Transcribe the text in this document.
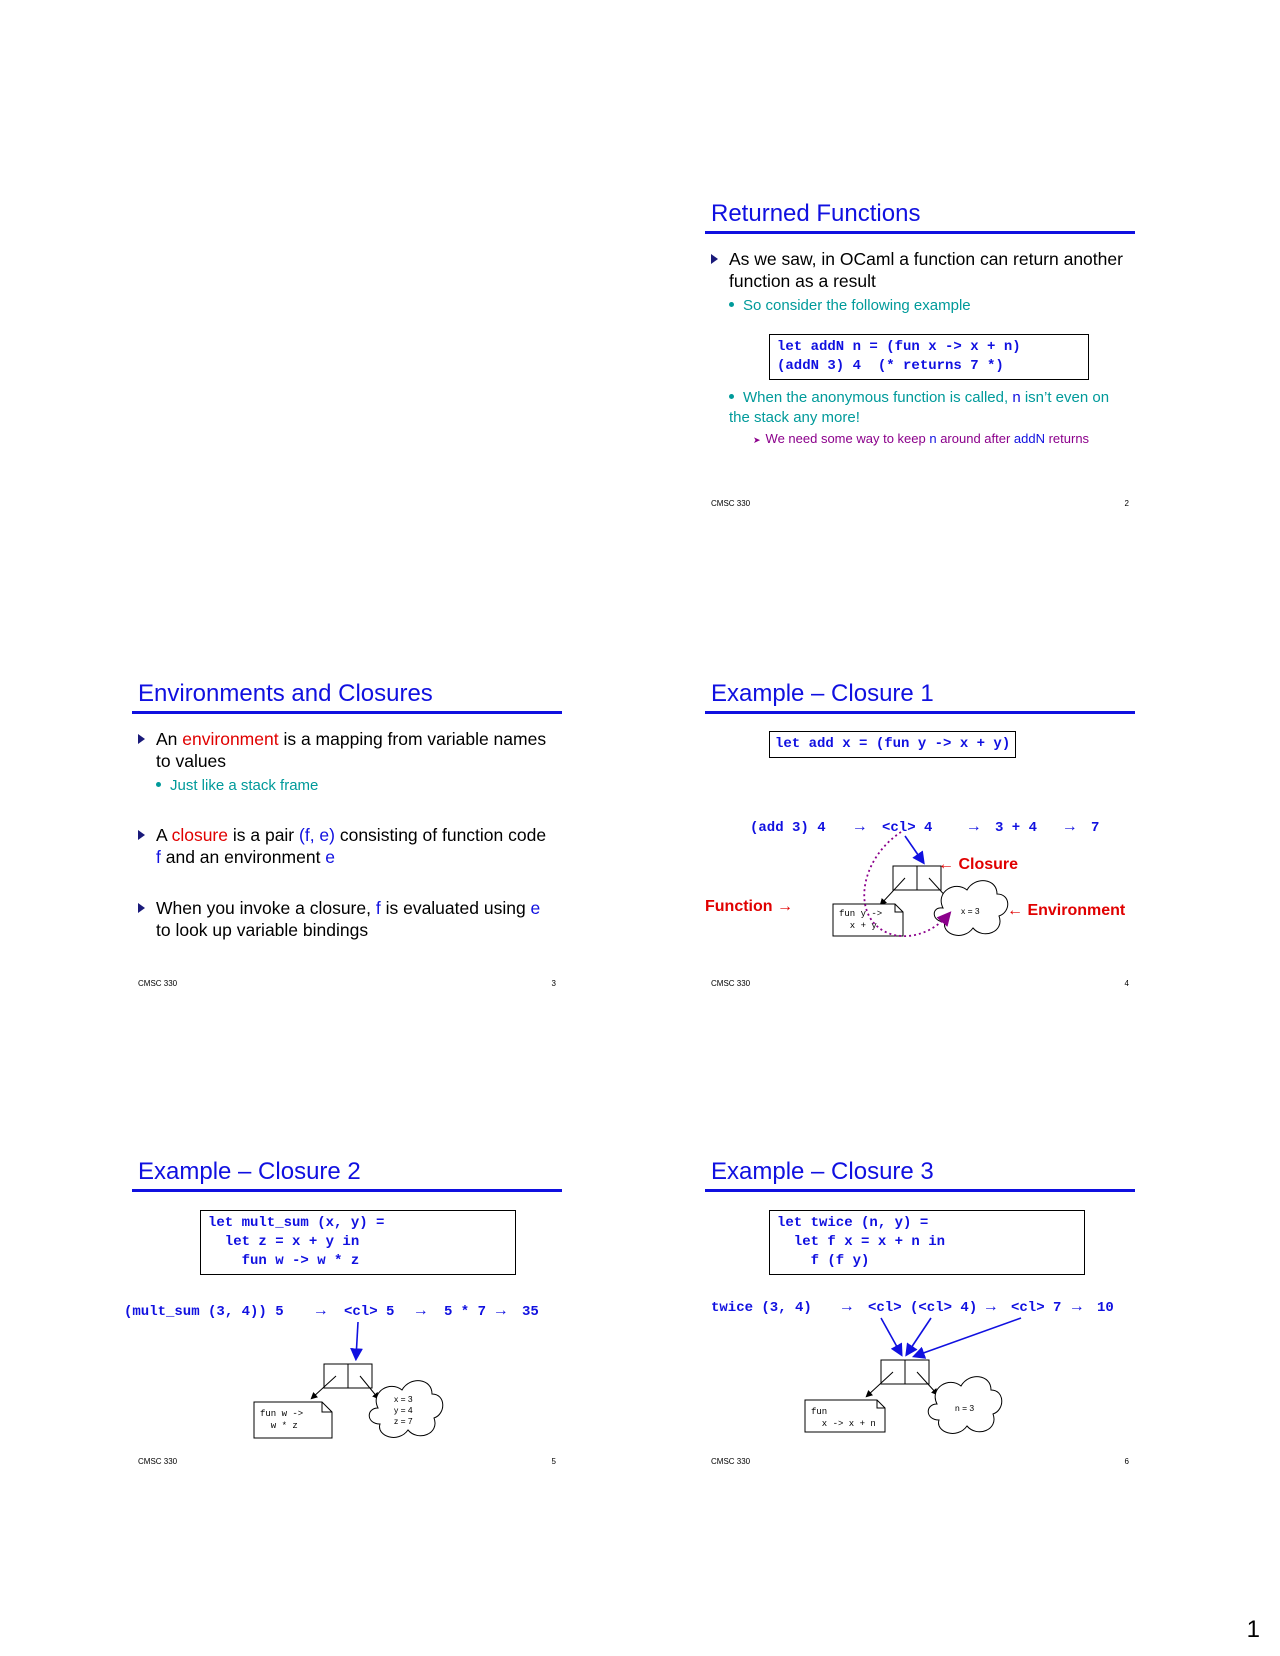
Returned Functions
As we saw, in OCaml a function can return another function as a result
So consider the following example
let addN n = (fun x -> x + n)
(addN 3) 4  (* returns 7 *)
When the anonymous function is called, n isn’t even on the stack any more!
➤ We need some way to keep n around after addN returns
CMSC 330	2
Environments and Closures
An environment is a mapping from variable names to values
Just like a stack frame
A closure is a pair (f, e) consisting of function code f and an environment e
When you invoke a closure, f is evaluated using e to look up variable bindings
CMSC 330	3
Example – Closure 1
let add x = (fun y -> x + y)
(add 3) 4 → <cl> 4 → 3 + 4 → 7
fun y ->
x + y
x = 3
← Closure
Function →	← Environment
CMSC 330	4
Example – Closure 2
let mult_sum (x, y) =
let z = x + y in
fun w -> w * z
(mult_sum (3, 4)) 5 → <cl> 5 → 5 * 7 → 35
fun w ->
w * z
x = 3
y = 4
z = 7
CMSC 330	5
Example – Closure 3
let twice (n, y) =
let f x = x + n in
f (f y)
twice (3, 4) → <cl> (<cl> 4) → <cl> 7 → 10
fun
x -> x + n
n = 3
CMSC 330	6
1
